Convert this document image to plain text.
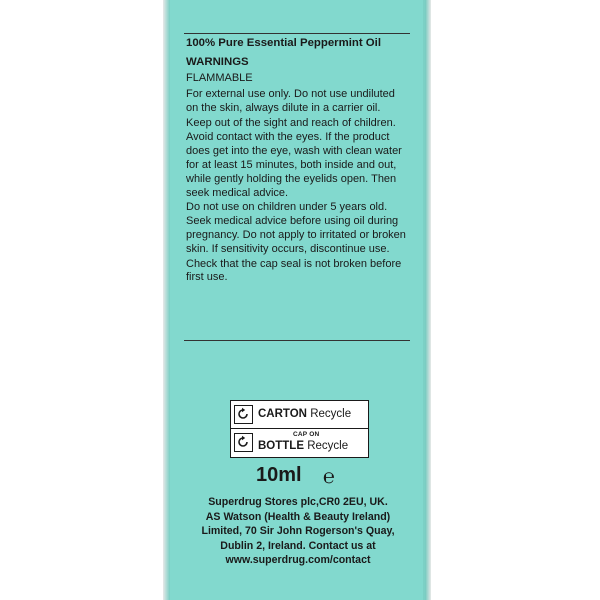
100% Pure Essential Peppermint Oil
WARNINGS
FLAMMABLE
For external use only. Do not use undiluted on the skin, always dilute in a carrier oil.
Keep out of the sight and reach of children.
Avoid contact with the eyes. If the product does get into the eye, wash with clean water for at least 15 minutes, both inside and out, while gently holding the eyelids open. Then seek medical advice.
Do not use on children under 5 years old. Seek medical advice before using oil during pregnancy. Do not apply to irritated or broken skin. If sensitivity occurs, discontinue use.
Check that the cap seal is not broken before first use.
CARTON Recycle
CAP ON
BOTTLE Recycle
10ml ℮
Superdrug Stores plc,CR0 2EU, UK.
AS Watson (Health & Beauty Ireland)
Limited, 70 Sir John Rogerson's Quay,
Dublin 2, Ireland. Contact us at
www.superdrug.com/contact
